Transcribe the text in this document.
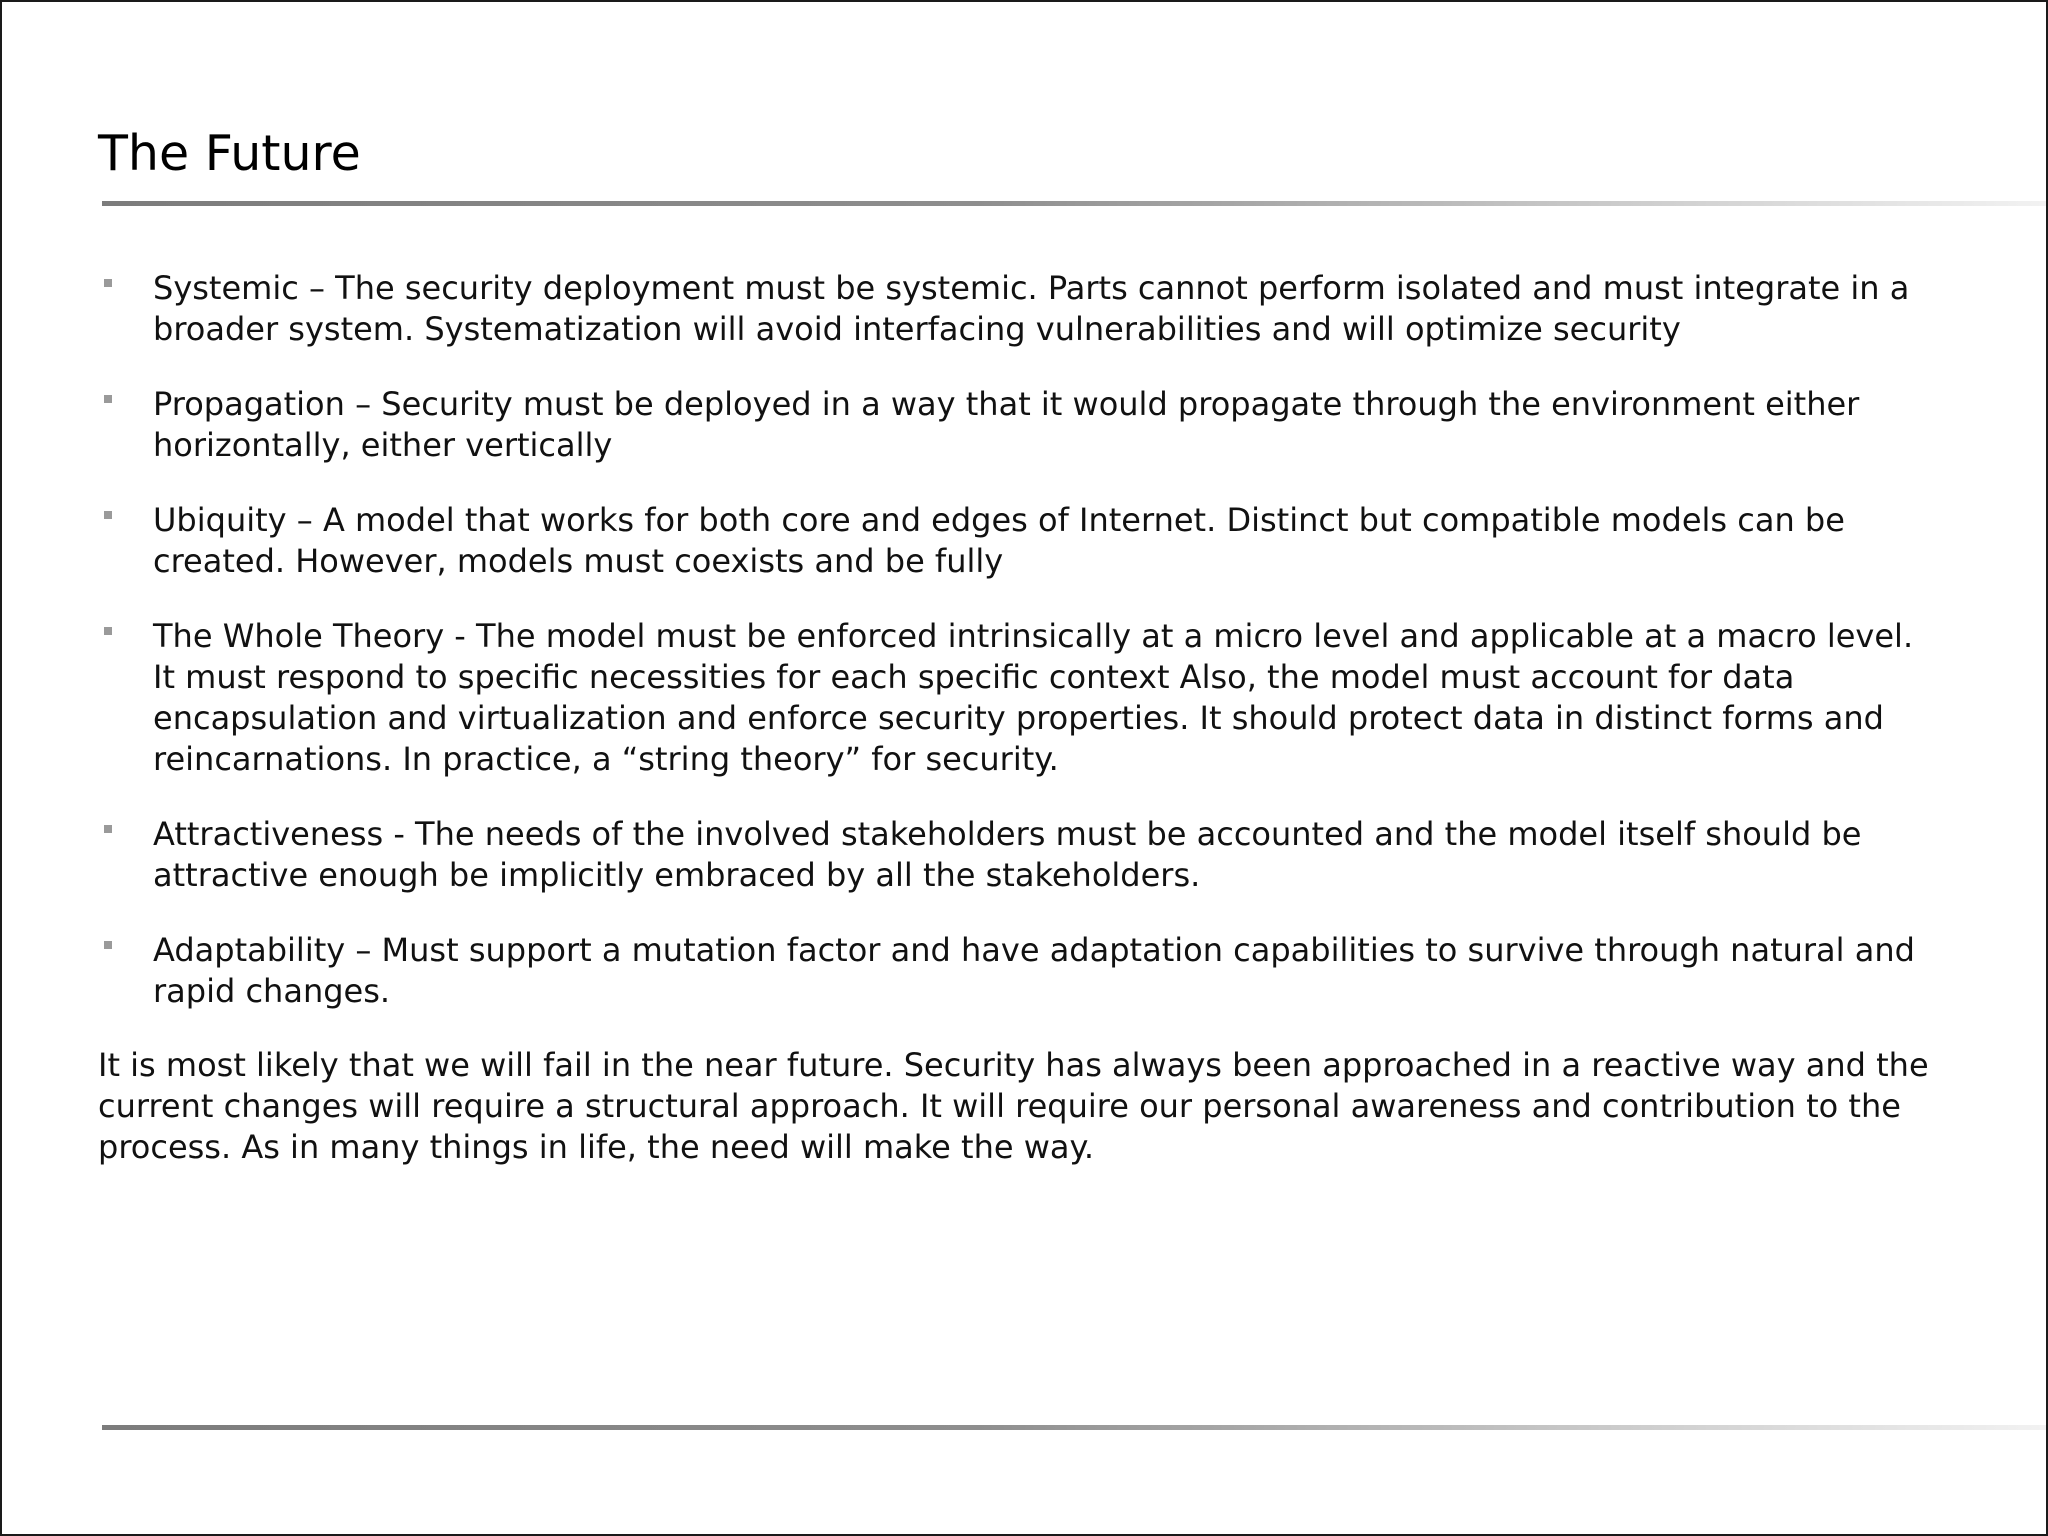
The Future
Systemic – The security deployment must be systemic. Parts cannot perform isolated and must integrate in a broader system. Systematization will avoid interfacing vulnerabilities and will optimize security
Propagation – Security must be deployed in a way that it would propagate through the environment either horizontally, either vertically
Ubiquity – A model that works for both core and edges of Internet. Distinct but compatible models can be created. However, models must coexists and be fully
The Whole Theory - The model must be enforced intrinsically at a micro level and applicable at a macro level. It must respond to specific necessities for each specific context Also, the model must account for data encapsulation and virtualization and enforce security properties. It should protect data in distinct forms and reincarnations. In practice, a “string theory” for security.
Attractiveness - The needs of the involved stakeholders must be accounted and the model itself should be attractive enough be implicitly embraced by all the stakeholders.
Adaptability – Must support a mutation factor and have adaptation capabilities to survive through natural and rapid changes.

It is most likely that we will fail in the near future. Security has always been approached in a reactive way and the current changes will require a structural approach. It will require our personal awareness and contribution to the process. As in many things in life, the need will make the way.
